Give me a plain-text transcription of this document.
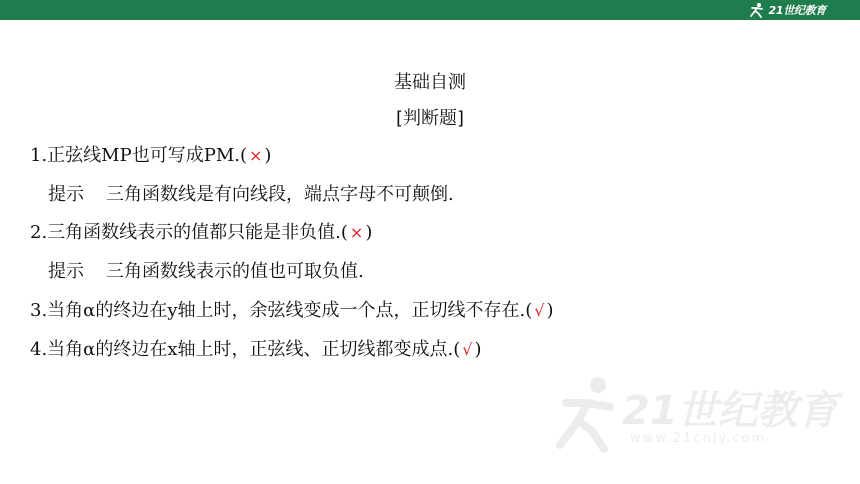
21世纪教育
基础自测
[判断题]
1.正弦线MP也可写成PM.( × )
提示 三角函数线是有向线段，端点字母不可颠倒.
2.三角函数线表示的值都只能是非负值.( × )
提示 三角函数线表示的值也可取负值.
3.当角α的终边在y轴上时，余弦线变成一个点，正切线不存在.( √ )
4.当角α的终边在x轴上时，正弦线、正切线都变成点.( √ )
21世纪教育
www.21cnjy.com
